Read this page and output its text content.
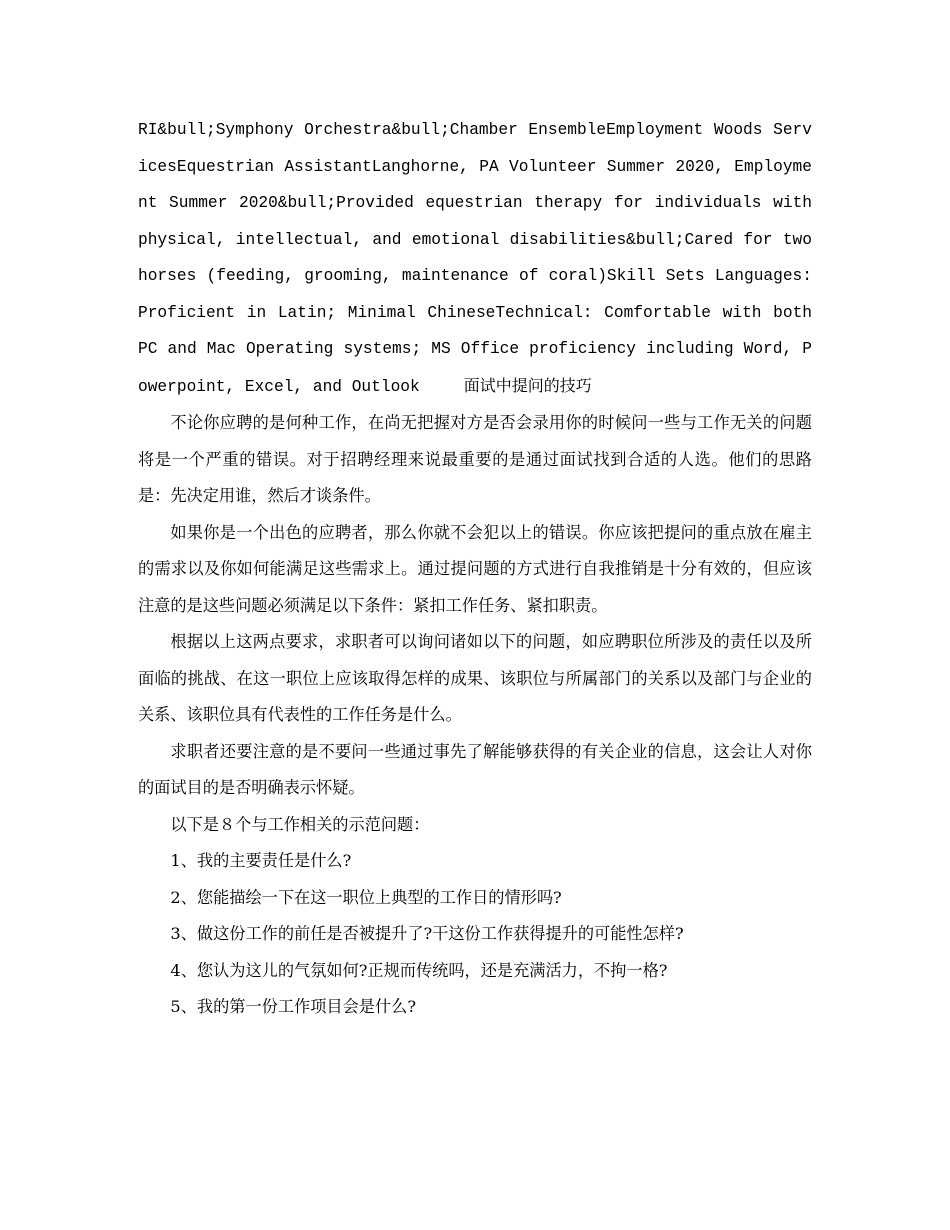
RI&bull;Symphony Orchestra&bull;Chamber EnsembleEmployment Woods ServicesEquestrian AssistantLanghorne, PA Volunteer Summer 2020, Employment Summer 2020&bull;Provided equestrian therapy for individuals with physical, intellectual, and emotional disabilities&bull;Cared for two horses (feeding, grooming, maintenance of coral)Skill Sets Languages:Proficient in Latin; Minimal ChineseTechnical: Comfortable with both PC and Mac Operating systems; MS Office proficiency including Word, Powerpoint, Excel, and Outlook	面试中提问的技巧

不论你应聘的是何种工作，在尚无把握对方是否会录用你的时候问一些与工作无关的问题将是一个严重的错误。对于招聘经理来说最重要的是通过面试找到合适的人选。他们的思路是：先决定用谁，然后才谈条件。

如果你是一个出色的应聘者，那么你就不会犯以上的错误。你应该把提问的重点放在雇主的需求以及你如何能满足这些需求上。通过提问题的方式进行自我推销是十分有效的，但应该注意的是这些问题必须满足以下条件：紧扣工作任务、紧扣职责。

根据以上这两点要求，求职者可以询问诸如以下的问题，如应聘职位所涉及的责任以及所面临的挑战、在这一职位上应该取得怎样的成果、该职位与所属部门的关系以及部门与企业的关系、该职位具有代表性的工作任务是什么。

求职者还要注意的是不要问一些通过事先了解能够获得的有关企业的信息，这会让人对你的面试目的是否明确表示怀疑。

以下是８个与工作相关的示范问题：

1、我的主要责任是什么?

2、您能描绘一下在这一职位上典型的工作日的情形吗?

3、做这份工作的前任是否被提升了?干这份工作获得提升的可能性怎样?

4、您认为这儿的气氛如何?正规而传统吗，还是充满活力，不拘一格?

5、我的第一份工作项目会是什么?
